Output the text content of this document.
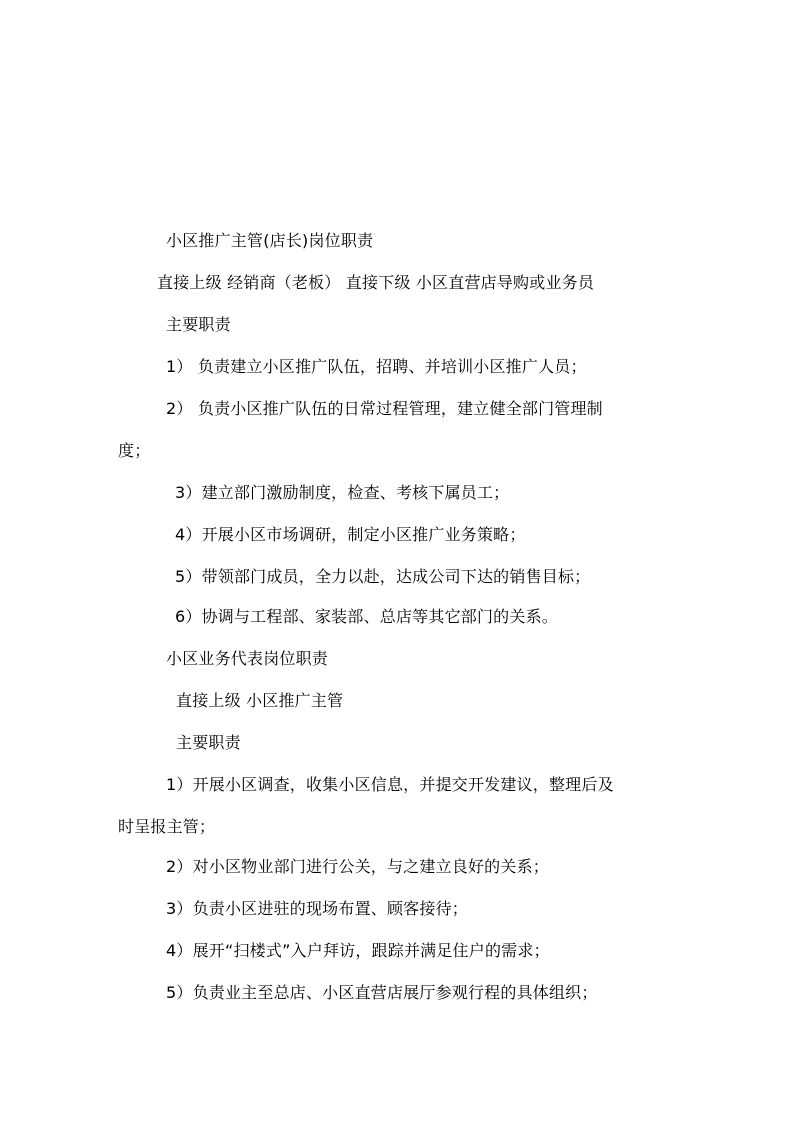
小区推广主管(店长)岗位职责
直接上级 经销商（老板） 直接下级 小区直营店导购或业务员
主要职责
1） 负责建立小区推广队伍，招聘、并培训小区推广人员；
2） 负责小区推广队伍的日常过程管理，建立健全部门管理制
度；
3）建立部门激励制度，检查、考核下属员工；
4）开展小区市场调研，制定小区推广业务策略；
5）带领部门成员，全力以赴，达成公司下达的销售目标；
6）协调与工程部、家装部、总店等其它部门的关系。
小区业务代表岗位职责
直接上级 小区推广主管
主要职责
1）开展小区调查，收集小区信息，并提交开发建议，整理后及
时呈报主管；
2）对小区物业部门进行公关，与之建立良好的关系；
3）负责小区进驻的现场布置、顾客接待；
4）展开“扫楼式”入户拜访，跟踪并满足住户的需求；
5）负责业主至总店、小区直营店展厅参观行程的具体组织；
